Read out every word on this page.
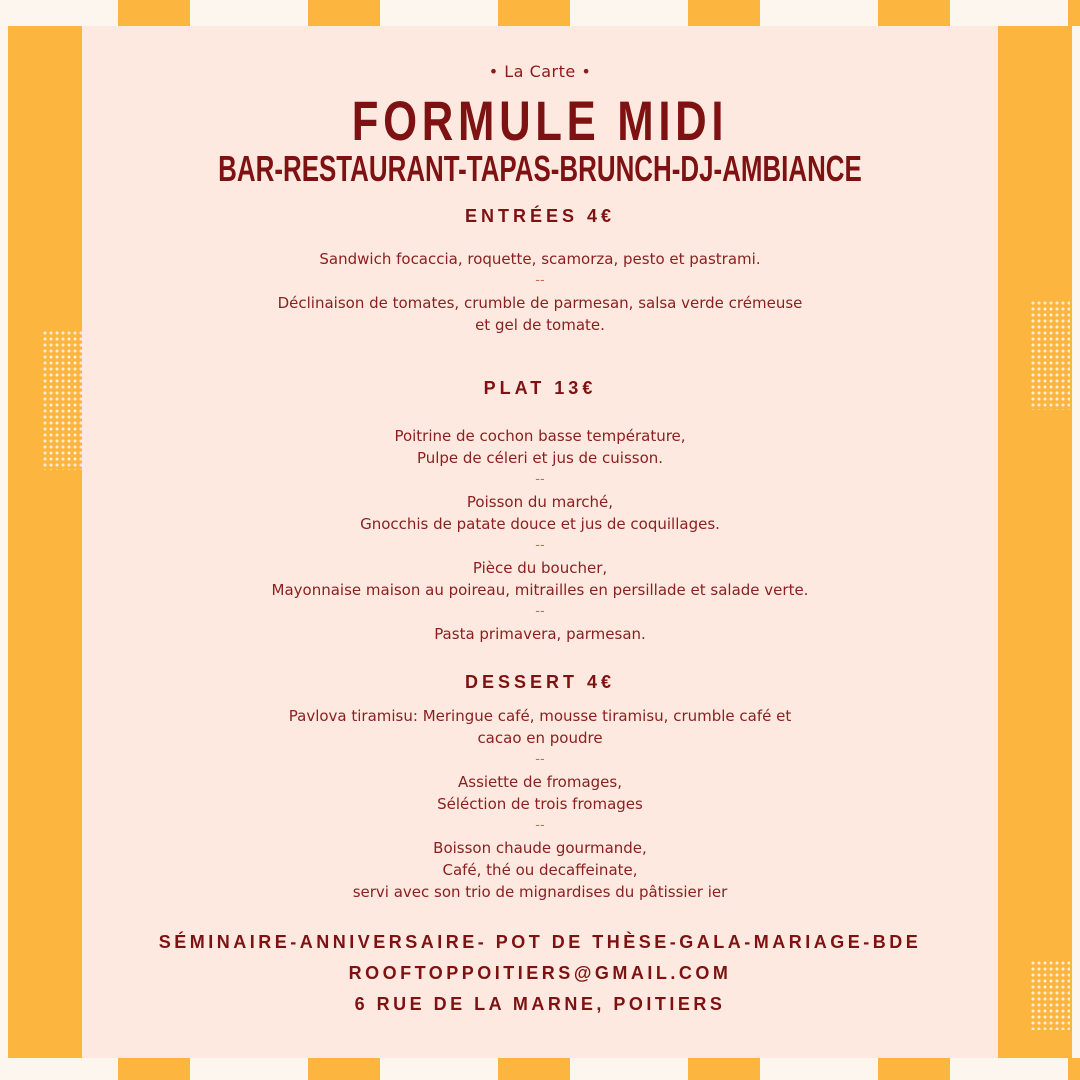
• La Carte •
FORMULE MIDI
BAR-RESTAURANT-TAPAS-BRUNCH-DJ-AMBIANCE
ENTRÉES 4€
Sandwich focaccia, roquette, scamorza, pesto et pastrami.
--
Déclinaison de tomates, crumble de parmesan, salsa verde crémeuse
et gel de tomate.
PLAT 13€
Poitrine de cochon basse température,
Pulpe de céleri et jus de cuisson.
--
Poisson du marché,
Gnocchis de patate douce et jus de coquillages.
--
Pièce du boucher,
Mayonnaise maison au poireau, mitrailles en persillade et salade verte.
--
Pasta primavera, parmesan.
DESSERT 4€
Pavlova tiramisu: Meringue café, mousse tiramisu, crumble café et
cacao en poudre
--
Assiette de fromages,
Séléction de trois fromages
--
Boisson chaude gourmande,
Café, thé ou decaffeinate,
servi avec son trio de mignardises du pâtissier ier
SÉMINAIRE-ANNIVERSAIRE- POT DE THÈSE-GALA-MARIAGE-BDE
ROOFTOPPOITIERS@GMAIL.COM
6 RUE DE LA MARNE, POITIERS
